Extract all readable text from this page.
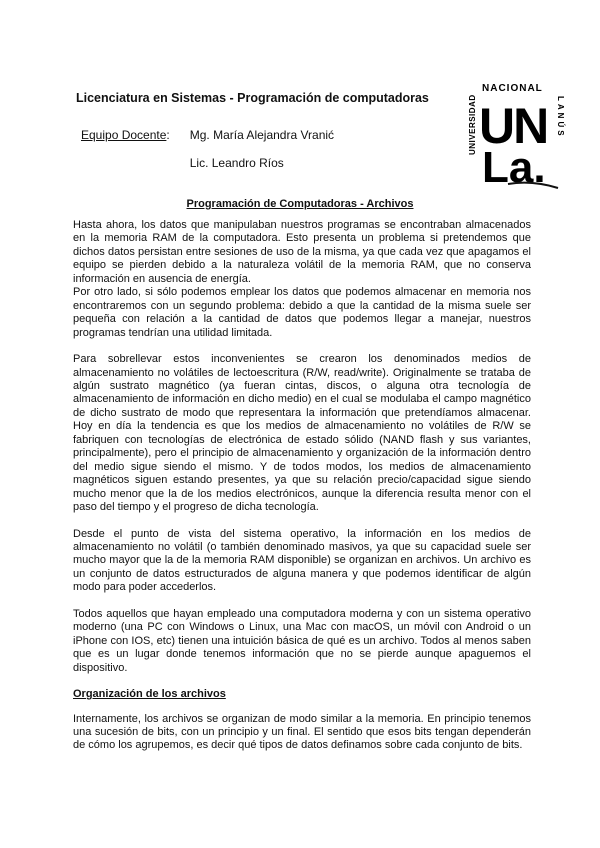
Licenciatura en Sistemas - Programación de computadoras
Equipo Docente : Mg. María Alejandra Vranić
Lic. Leandro Ríos
NACIONAL
UNIVERSIDAD	LANÚS
UN
La.
Programación de Computadoras - Archivos

Hasta ahora, los datos que manipulaban nuestros programas se encontraban almacenados en la memoria RAM de la computadora. Esto presenta un problema si pretendemos que dichos datos persistan entre sesiones de uso de la misma, ya que cada vez que apagamos el equipo se pierden debido a la naturaleza volátil de la memoria RAM, que no conserva información en ausencia de energía.

Por otro lado, si sólo podemos emplear los datos que podemos almacenar en memoria nos encontraremos con un segundo problema: debido a que la cantidad de la misma suele ser pequeña con relación a la cantidad de datos que podemos llegar a manejar, nuestros programas tendrían una utilidad limitada.

Para sobrellevar estos inconvenientes se crearon los denominados medios de almacenamiento no volátiles de lectoescritura (R/W, read/write). Originalmente se trataba de algún sustrato magnético (ya fueran cintas, discos, o alguna otra tecnología de almacenamiento de información en dicho medio) en el cual se modulaba el campo magnético de dicho sustrato de modo que representara la información que pretendíamos almacenar. Hoy en día la tendencia es que los medios de almacenamiento no volátiles de R/W se fabriquen con tecnologías de electrónica de estado sólido (NAND flash y sus variantes, principalmente), pero el principio de almacenamiento y organización de la información dentro del medio sigue siendo el mismo. Y de todos modos, los medios de almacenamiento magnéticos siguen estando presentes, ya que su relación precio/capacidad sigue siendo mucho menor que la de los medios electrónicos, aunque la diferencia resulta menor con el paso del tiempo y el progreso de dicha tecnología.

Desde el punto de vista del sistema operativo, la información en los medios de almacenamiento no volátil (o también denominado masivos, ya que su capacidad suele ser mucho mayor que la de la memoria RAM disponible) se organizan en archivos. Un archivo es un conjunto de datos estructurados de alguna manera y que podemos identificar de algún modo para poder accederlos.

Todos aquellos que hayan empleado una computadora moderna y con un sistema operativo moderno (una PC con Windows o Linux, una Mac con macOS, un móvil con Android o un iPhone con IOS, etc) tienen una intuición básica de qué es un archivo. Todos al menos saben que es un lugar donde tenemos información que no se pierde aunque apaguemos el dispositivo.

Organización de los archivos

Internamente, los archivos se organizan de modo similar a la memoria. En principio tenemos una sucesión de bits, con un principio y un final. El sentido que esos bits tengan dependerán de cómo los agrupemos, es decir qué tipos de datos definamos sobre cada conjunto de bits.
